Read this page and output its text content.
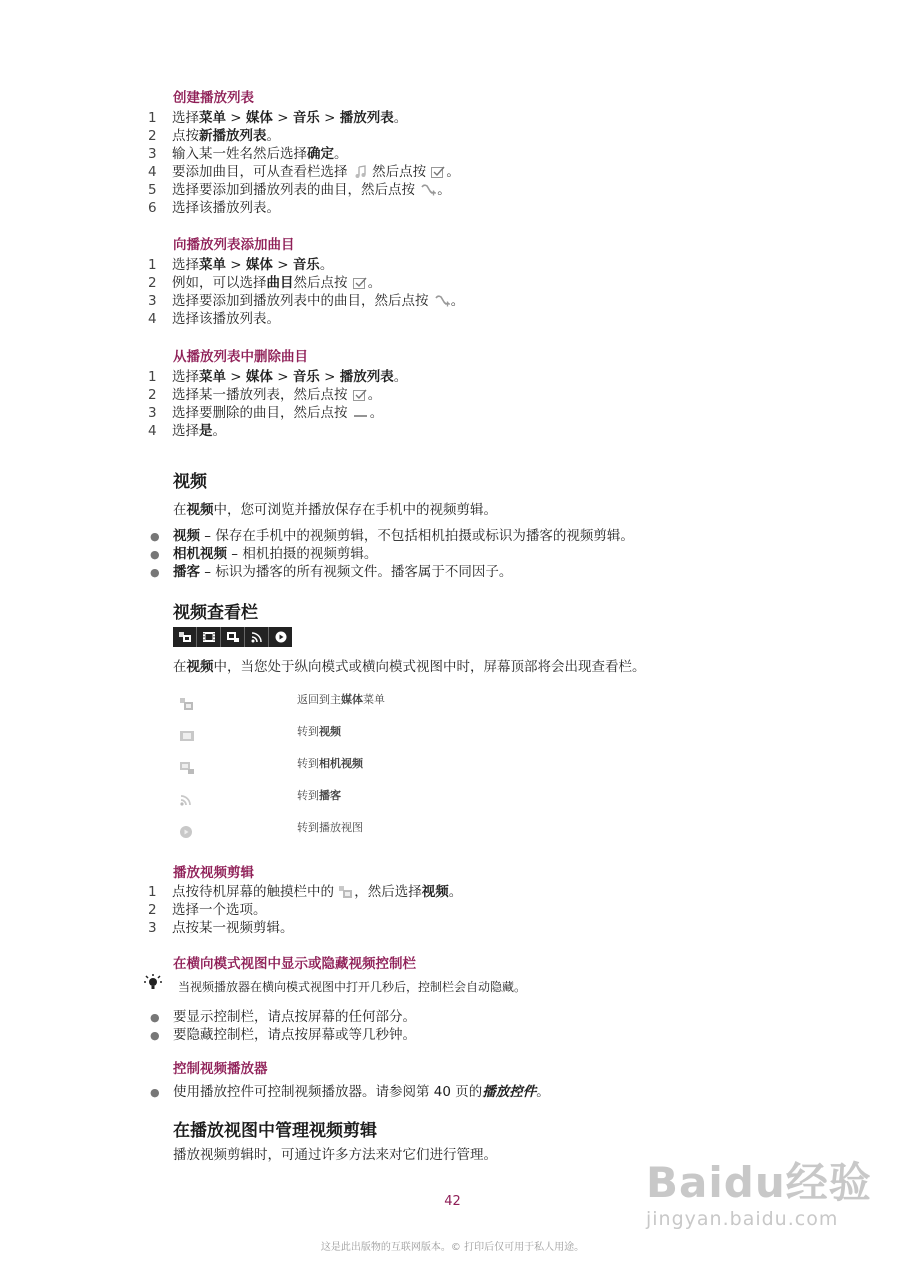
创建播放列表
1 选择菜单 > 媒体 > 音乐 > 播放列表。
2 点按新播放列表。
3 输入某一姓名然后选择确定。
4 要添加曲目，可从查看栏选择 然后点按 。
5 选择要添加到播放列表的曲目，然后点按 。
6 选择该播放列表。
向播放列表添加曲目
1 选择菜单 > 媒体 > 音乐。
2 例如，可以选择曲目然后点按 。
3 选择要添加到播放列表中的曲目，然后点按 。
4 选择该播放列表。
从播放列表中删除曲目
1 选择菜单 > 媒体 > 音乐 > 播放列表。
2 选择某一播放列表，然后点按 。
3 选择要删除的曲目，然后点按 。
4 选择是。
视频
在视频中，您可浏览并播放保存在手机中的视频剪辑。
● 视频 – 保存在手机中的视频剪辑，不包括相机拍摄或标识为播客的视频剪辑。
● 相机视频 – 相机拍摄的视频剪辑。
● 播客 – 标识为播客的所有视频文件。播客属于不同因子。
视频查看栏
在视频中，当您处于纵向模式或横向模式视图中时，屏幕顶部将会出现查看栏。
返回到主媒体菜单
转到视频
转到相机视频
转到播客
转到播放视图
播放视频剪辑
1 点按待机屏幕的触摸栏中的 ，然后选择视频。
2 选择一个选项。
3 点按某一视频剪辑。
在横向模式视图中显示或隐藏视频控制栏
当视频播放器在横向模式视图中打开几秒后，控制栏会自动隐藏。
● 要显示控制栏，请点按屏幕的任何部分。
● 要隐藏控制栏，请点按屏幕或等几秒钟。
控制视频播放器
● 使用播放控件可控制视频播放器。请参阅第 40 页的播放控件。
在播放视图中管理视频剪辑
播放视频剪辑时，可通过许多方法来对它们进行管理。
Baidu经验
jingyan.baidu.com
42
这是此出版物的互联网版本。© 打印后仅可用于私人用途。
